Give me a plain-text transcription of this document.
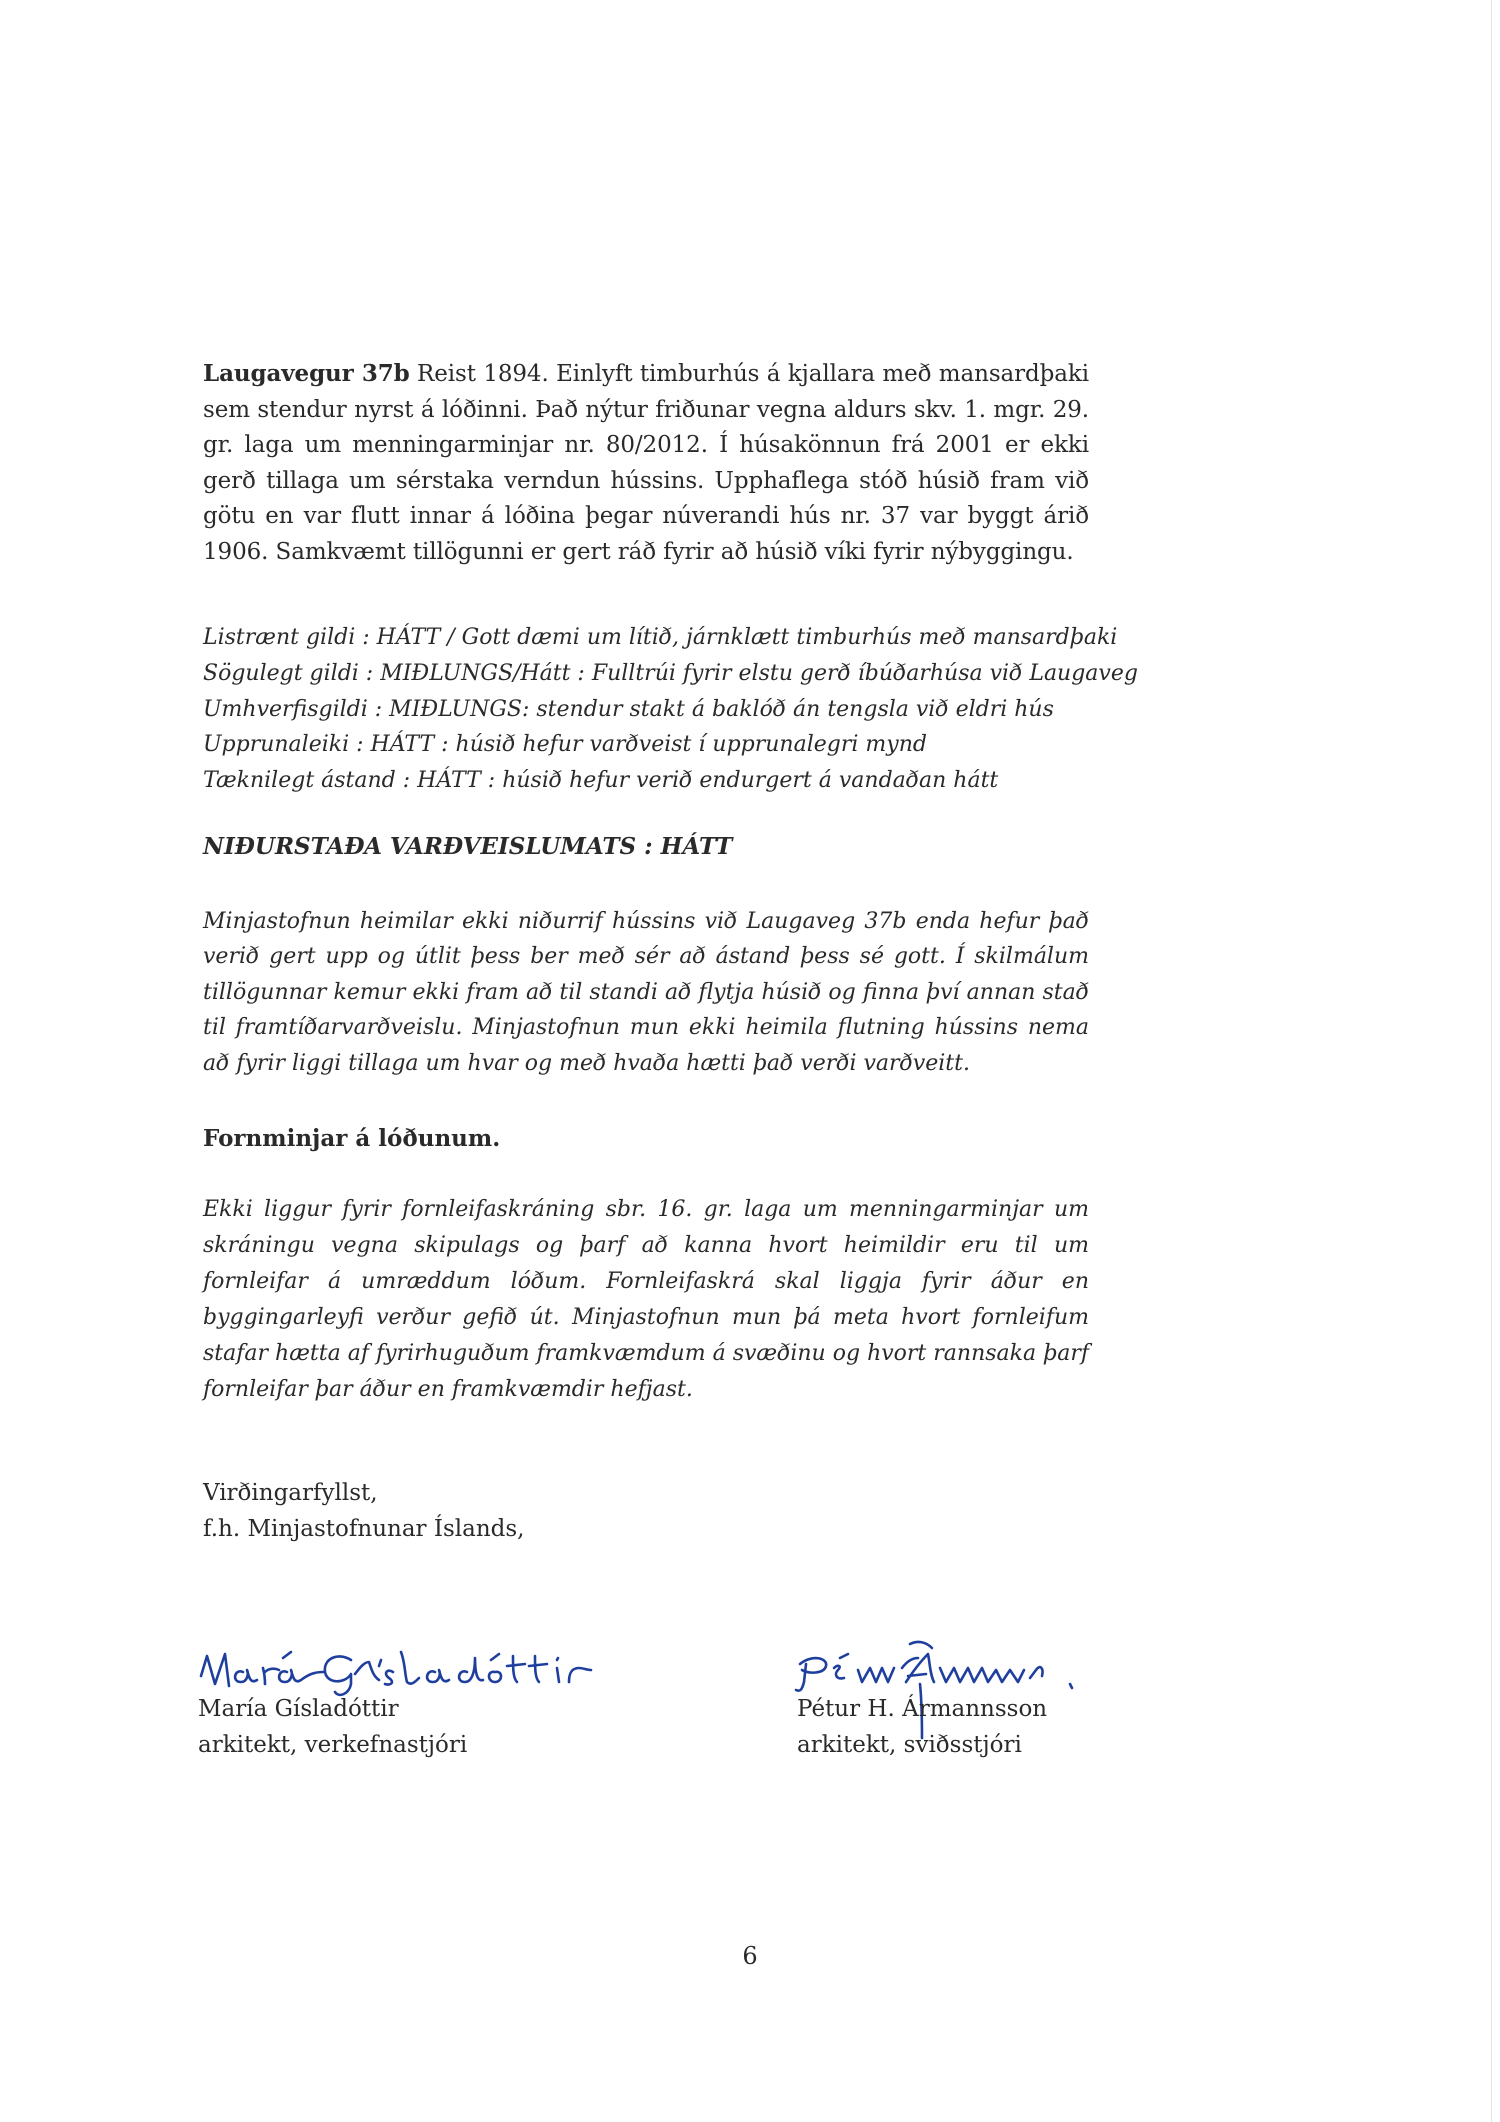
Laugavegur 37b Reist 1894. Einlyft timburhús á kjallara með mansardþaki sem stendur nyrst á lóðinni. Það nýtur friðunar vegna aldurs skv. 1. mgr. 29. gr. laga um menningarminjar nr. 80/2012. Í húsakönnun frá 2001 er ekki gerð tillaga um sérstaka verndun hússins. Upphaflega stóð húsið fram við götu en var flutt innar á lóðina þegar núverandi hús nr. 37 var byggt árið 1906. Samkvæmt tillögunni er gert ráð fyrir að húsið víki fyrir nýbyggingu.

Listrænt gildi : HÁTT / Gott dæmi um lítið, járnklætt timburhús með mansardþaki
Sögulegt gildi : MIÐLUNGS/Hátt : Fulltrúi fyrir elstu gerð íbúðarhúsa við Laugaveg
Umhverfisgildi : MIÐLUNGS: stendur stakt á baklóð án tengsla við eldri hús
Upprunaleiki : HÁTT : húsið hefur varðveist í upprunalegri mynd
Tæknilegt ástand : HÁTT : húsið hefur verið endurgert á vandaðan hátt

NIÐURSTAÐA VARÐVEISLUMATS : HÁTT

Minjastofnun heimilar ekki niðurrif hússins við Laugaveg 37b enda hefur það verið gert upp og útlit þess ber með sér að ástand þess sé gott. Í skilmálum tillögunnar kemur ekki fram að til standi að flytja húsið og finna því annan stað til framtíðarvarðveislu. Minjastofnun mun ekki heimila flutning hússins nema að fyrir liggi tillaga um hvar og með hvaða hætti það verði varðveitt.

Fornminjar á lóðunum.

Ekki liggur fyrir fornleifaskráning sbr. 16. gr. laga um menningarminjar um skráningu vegna skipulags og þarf að kanna hvort heimildir eru til um fornleifar á umræddum lóðum. Fornleifaskrá skal liggja fyrir áður en byggingarleyfi verður gefið út. Minjastofnun mun þá meta hvort fornleifum stafar hætta af fyrirhuguðum framkvæmdum á svæðinu og hvort rannsaka þarf fornleifar þar áður en framkvæmdir hefjast.

Virðingarfyllst,
f.h. Minjastofnunar Íslands,
María Gísladóttir
arkitekt, verkefnastjóri
Pétur H. Ármannsson
arkitekt, sviðsstjóri
6
